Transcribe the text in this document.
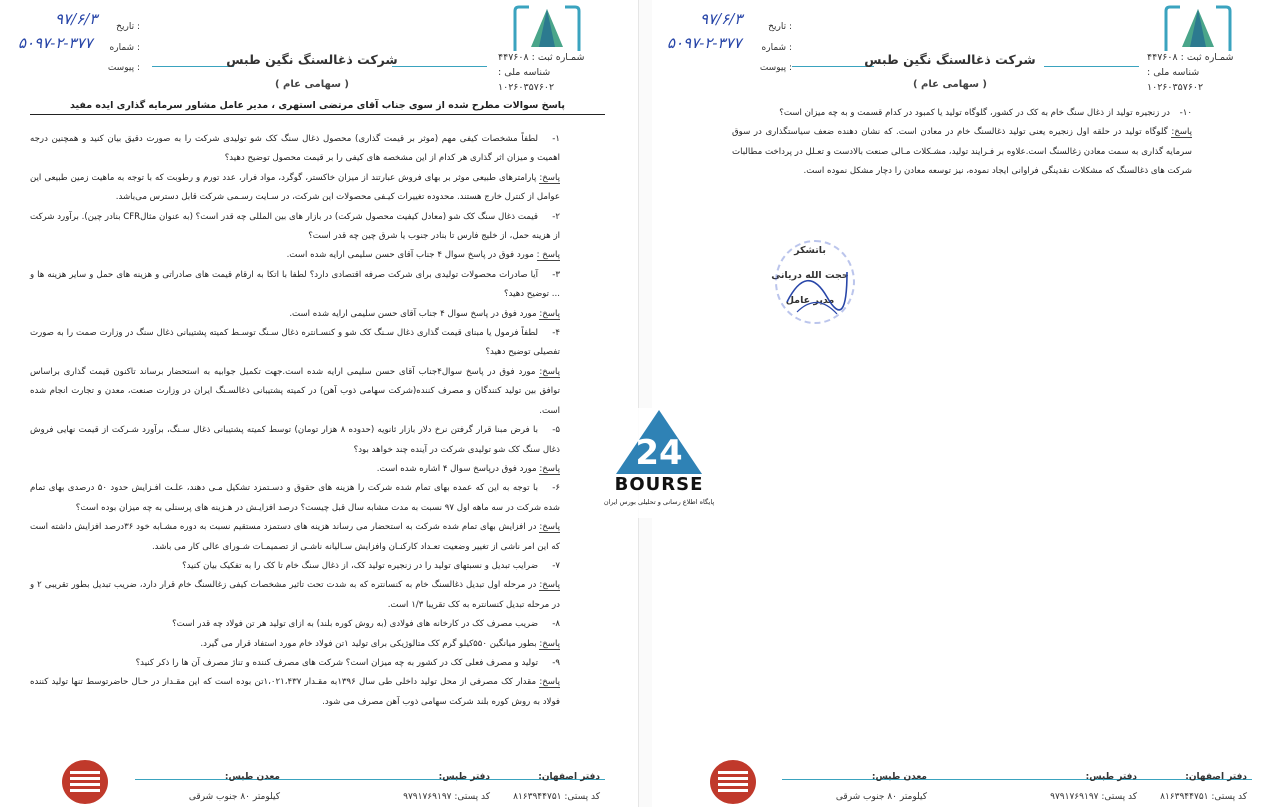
تاریخ :
شماره :
پیوست :
۹۷/۶/۳
۵۰۹۷-۲-۳۷۷
شرکت ذغالسنگ نگین طبس
( سهامی عام )
شمـاره ثبت : ۴۴۷۶۰۸
شناسه ملی : ۱۰۲۶۰۳۵۷۶۰۲
پاسخ سوالات مطرح شده از سوی جناب آقای مرتضی استهری ، مدیر عامل مشاور سرمایه گذاری ایده مفید

۱-لطفاً مشخصات کیفی مهم (موثر بر قیمت گذاری) محصول ذغال سنگ کک شو تولیدی شرکت را به صورت دقیق بیان کنید و همچنین درجه اهمیت و میزان اثر گذاری هر کدام از این مشخصه های کیفی را بر قیمت محصول توضیح دهید؟

پاسخ: پارامترهای طبیعی موثر بر بهای فروش عبارتند از میزان خاکستر، گوگرد، مواد فرار، عدد تورم و رطوبت که با توجه به ماهیت زمین طبیعی این عوامل از کنترل خارج هستند. محدوده تغییرات کیـفی محصولات این شرکت، در سـایت رسـمی شرکت قابل دسترس می‌باشد.

۲-قیمت ذغال سنگ کک شو (معادل کیفیت محصول شرکت) در بازار های بین المللی چه قدر است؟ (به عنوان مثالCFR بنادر چین). برآورد شرکت از هزینه حمل، از خلیج فارس تا بنادر جنوب یا شرق چین چه قدر است؟

پاسخ : مورد فوق در پاسخ سوال ۴ جناب آقای حسن سلیمی ارایه شده است.

۳-آیا صادرات محصولات تولیدی برای شرکت صرفه اقتصادی دارد؟ لطفا با اتکا به ارقام قیمت های صادراتی و هزینه های حمل و سایر هزینه ها و ... توضیح دهید؟

پاسخ: مورد فوق در پاسخ سوال ۴ جناب آقای حسن سلیمی ارایه شده است.

۴-لطفاً فرمول یا مبنای قیمت گذاری ذغال سـنگ کک شو و کنسـانتره ذغال سـنگ توسـط کمیته پشتیبانی ذغال سنگ در وزارت صمت را به صورت تفصیلی توضیح دهید؟

پاسخ: مورد فوق در پاسخ سوال۴جناب آقای حسن سلیمی ارایه شده است.جهت تکمیل جوابیه به استحضار برساند تاکنون قیمت گذاری براساس توافق بین تولید کنندگان و مصرف کننده(شرکت سهامی ذوب آهن) در کمیته پشتیبانی ذغالسـنگ ایران در وزارت صنعت، معدن و تجارت انجام شده است.

۵-با فرض مبنا قرار گرفتن نرخ دلار بازار ثانویه (حدوده ۸ هزار تومان) توسط کمیته پشتیبانی ذغال سـنگ، برآورد شـرکت از قیمت نهایی فروش ذغال سنگ کک شو تولیدی شرکت در آینده چند خواهد بود؟

پاسخ: مورد فوق درپاسخ سوال ۴ اشاره شده است.

۶-با توجه به این که عمده بهای تمام شده شرکت را هزینه های حقوق و دسـتمزد تشکیل مـی دهند، علـت افـزایش حدود ۵۰ درصدی بهای تمام شده شرکت در سه ماهه اول ۹۷ نسبت به مدت مشابه سال قبل چیست؟ درصد افزایـش در هـزینه های پرسنلی به چه میزان بوده است؟

پاسخ: در افزایش بهای تمام شده شرکت به استحضار می رساند هزینه های دستمزد مستقیم نسبت به دوره مشـابه خود ۳۶درصد افزایش داشته است که این امر ناشی از تغییر وضعیت تعـداد کارکنـان وافزایش سـالیانه ناشـی از تصمیمـات شـورای عالی کار می باشد.

۷-ضرایب تبدیل و نسبتهای تولید را در زنجیره تولید کک، از ذغال سنگ خام تا کک را به تفکیک بیان کنید؟

پاسخ: در مرحله اول تبدیل ذغالسنگ خام به کنسانتره که به شدت تحت تاثیر مشخصات کیفی زغالسنگ خام قرار دارد، ضریب تبدیل بطور تقریبی ۲ و در مرحله تبدیل کنسانتره به کک تقریبا ۱/۳ است.

۸-ضریب مصرف کک در کارخانه های فولادی (به روش کوره بلند) به ازای تولید هر تن فولاد چه قدر است؟

پاسخ: بطور میانگین ۵۵۰کیلو گرم کک متالوژیکی برای تولید ۱تن فولاد خام مورد استفاد قرار می گیرد.

۹-تولید و مصرف فعلی کک در کشور به چه میزان است؟ شرکت های مصرف کننده و تناژ مصرف آن ها را ذکر کنید؟

پاسخ: مقدار کک مصرفی از محل تولید داخلی طی سال ۱۳۹۶به مقـدار ۱،۰۲۱،۴۳۷تن بوده است که این مقـدار در حـال حاضرتوسط تنها تولید کننده فولاد به روش کوره بلند شرکت سهامی ذوب آهن مصرف می شود.

دفتر اصفهان:
کد پستی: ۸۱۶۳۹۴۴۷۵۱
دفتر طبس:
کد پستی: ۹۷۹۱۷۶۹۱۹۷
معدن طبس:
کیلومتر ۸۰ جنوب شرقی
تاریخ :
شماره :
پیوست :
۹۷/۶/۳
۵۰۹۷-۲-۳۷۷
شرکت ذغالسنگ نگین طبس
( سهامی عام )
شمـاره ثبت : ۴۴۷۶۰۸
شناسه ملی : ۱۰۲۶۰۳۵۷۶۰۲

۱۰-در زنجیره تولید از ذغال سنگ خام به کک در کشور، گلوگاه تولید یا کمبود در کدام قسمت و به چه میزان است؟

پاسخ: گلوگاه تولید در حلقه اول زنجیره یعنی تولید ذغالسنگ خام در معادن است. که نشان دهنده ضعف سیاستگذاری در سوق سرمایه گذاری به سمت معادن زغالسنگ است.علاوه بر فـرایند تولید، مشـکلات مـالی صنعت بالادست و تعـلل در پرداخت مطالبات شرکت های ذغالسنگ که مشکلات نقدینگی فراوانی ایجاد نموده، نیز توسعه معادن را دچار مشکل نموده است.

باتشکر
حجت الله دریانی
مدیر عامل
دفتر اصفهان:
کد پستی: ۸۱۶۳۹۴۴۷۵۱
دفتر طبس:
کد پستی: ۹۷۹۱۷۶۹۱۹۷
معدن طبس:
کیلومتر ۸۰ جنوب شرقی
24
BOURSE
پایگاه اطلاع رسانی و تحلیلی بورس ایران
